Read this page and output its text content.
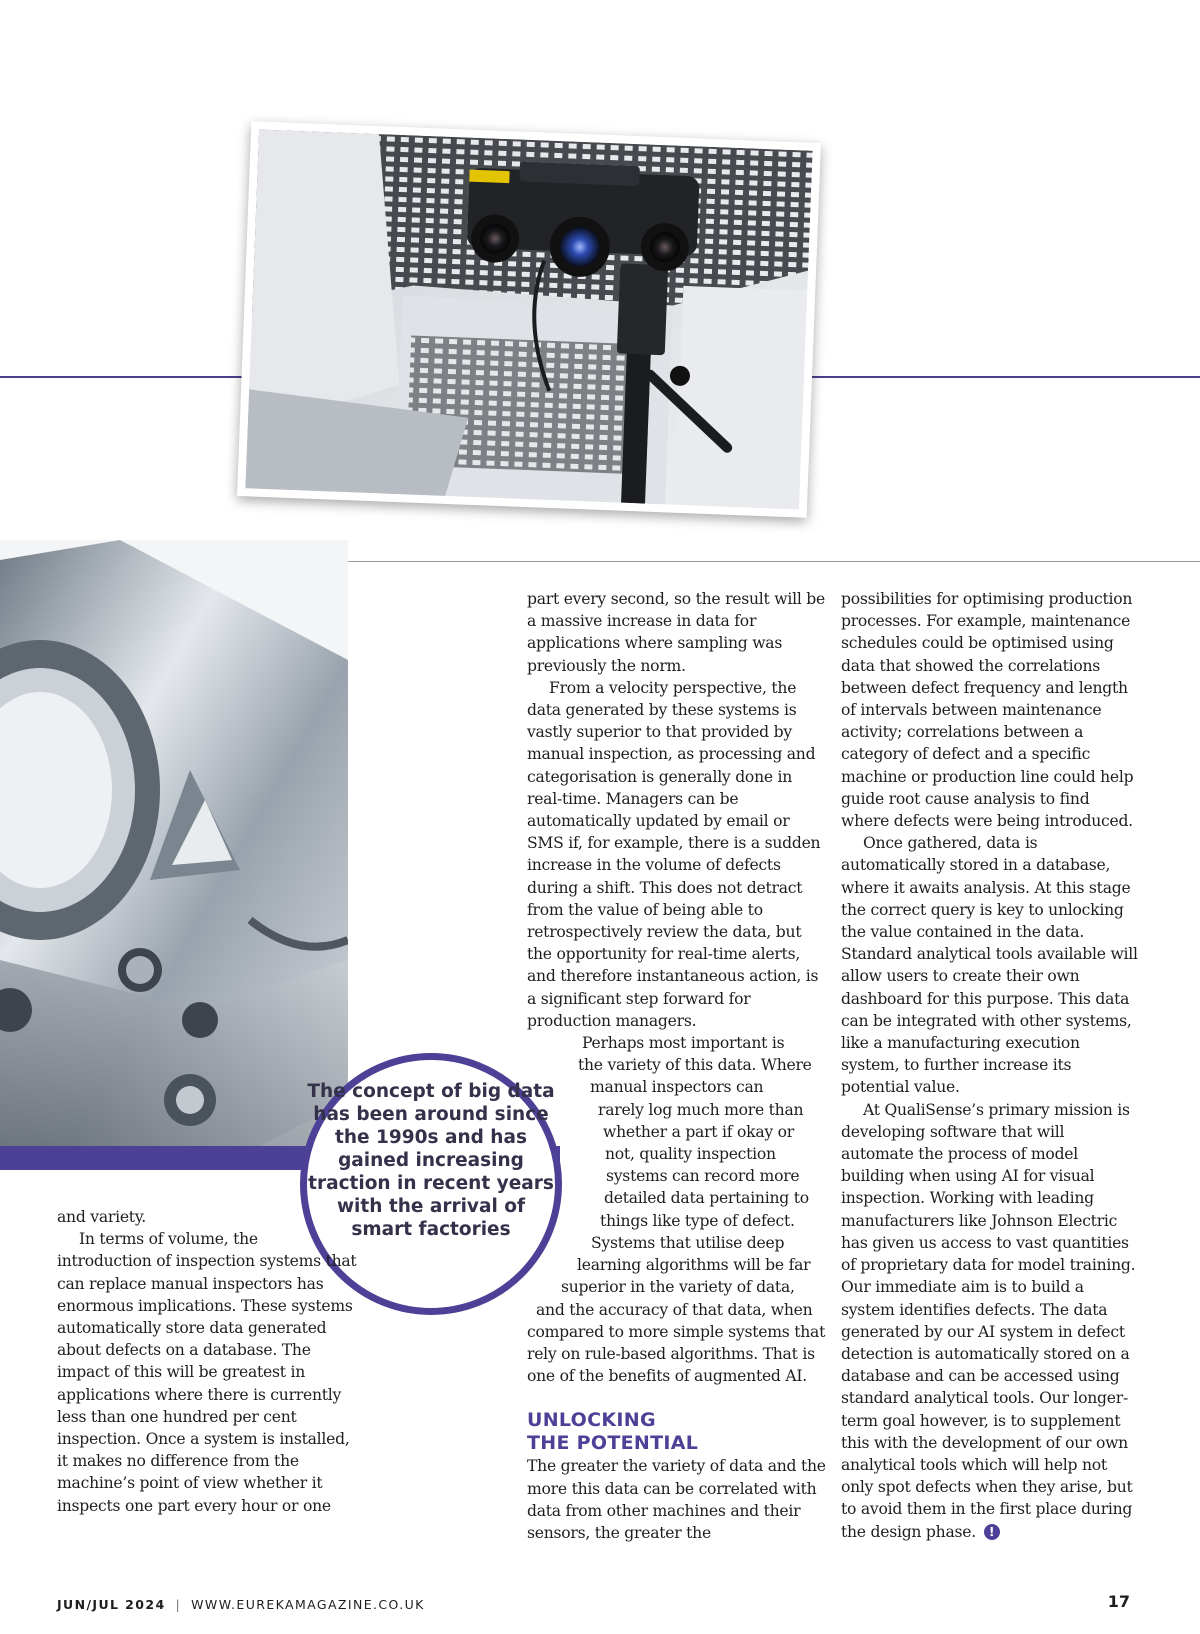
The concept of big data has been around since the 1990s and has gained increasing traction in recent years with the arrival of smart factories

and variety.

In terms of volume, the introduction of inspection systems that can replace manual inspectors has enormous implications. These systems automatically store data generated about defects on a database. The impact of this will be greatest in applications where there is currently less than one hundred per cent inspection. Once a system is installed, it makes no difference from the machine’s point of view whether it inspects one part every hour or one

part every second, so the result will be a massive increase in data for applications where sampling was previously the norm.

From a velocity perspective, the data generated by these systems is vastly superior to that provided by manual inspection, as processing and categorisation is generally done in real-time. Managers can be automatically updated by email or SMS if, for example, there is a sudden increase in the volume of defects during a shift. This does not detract from the value of being able to retrospectively review the data, but the opportunity for real-time alerts, and therefore instantaneous action, is a significant step forward for production managers.

Perhaps most important is
the variety of this data. Where
manual inspectors can
rarely log much more than
whether a part if okay or
not, quality inspection
systems can record more
detailed data pertaining to
things like type of defect.
Systems that utilise deep
learning algorithms will be far
superior in the variety of data,
and the accuracy of that data, when
compared to more simple systems that
rely on rule-based algorithms. That is
one of the benefits of augmented AI.

UNLOCKING
THE POTENTIAL

The greater the variety of data and the more this data can be correlated with data from other machines and their sensors, the greater the

possibilities for optimising production processes. For example, maintenance schedules could be optimised using data that showed the correlations between defect frequency and length of intervals between maintenance activity; correlations between a category of defect and a specific machine or production line could help guide root cause analysis to find where defects were being introduced.

Once gathered, data is automatically stored in a database, where it awaits analysis. At this stage the correct query is key to unlocking the value contained in the data. Standard analytical tools available will allow users to create their own dashboard for this purpose. This data can be integrated with other systems, like a manufacturing execution system, to further increase its potential value.

At QualiSense’s primary mission is developing software that will automate the process of model building when using AI for visual inspection. Working with leading manufacturers like Johnson Electric has given us access to vast quantities of proprietary data for model training. Our immediate aim is to build a system identifies defects. The data generated by our AI system in defect detection is automatically stored on a database and can be accessed using standard analytical tools. Our longer-term goal however, is to supplement this with the development of our own analytical tools which will help not only spot defects when they arise, but to avoid them in the first place during the design phase. !

JUN/JUL 2024 | WWW.EUREKAMAGAZINE.CO.UK	17
